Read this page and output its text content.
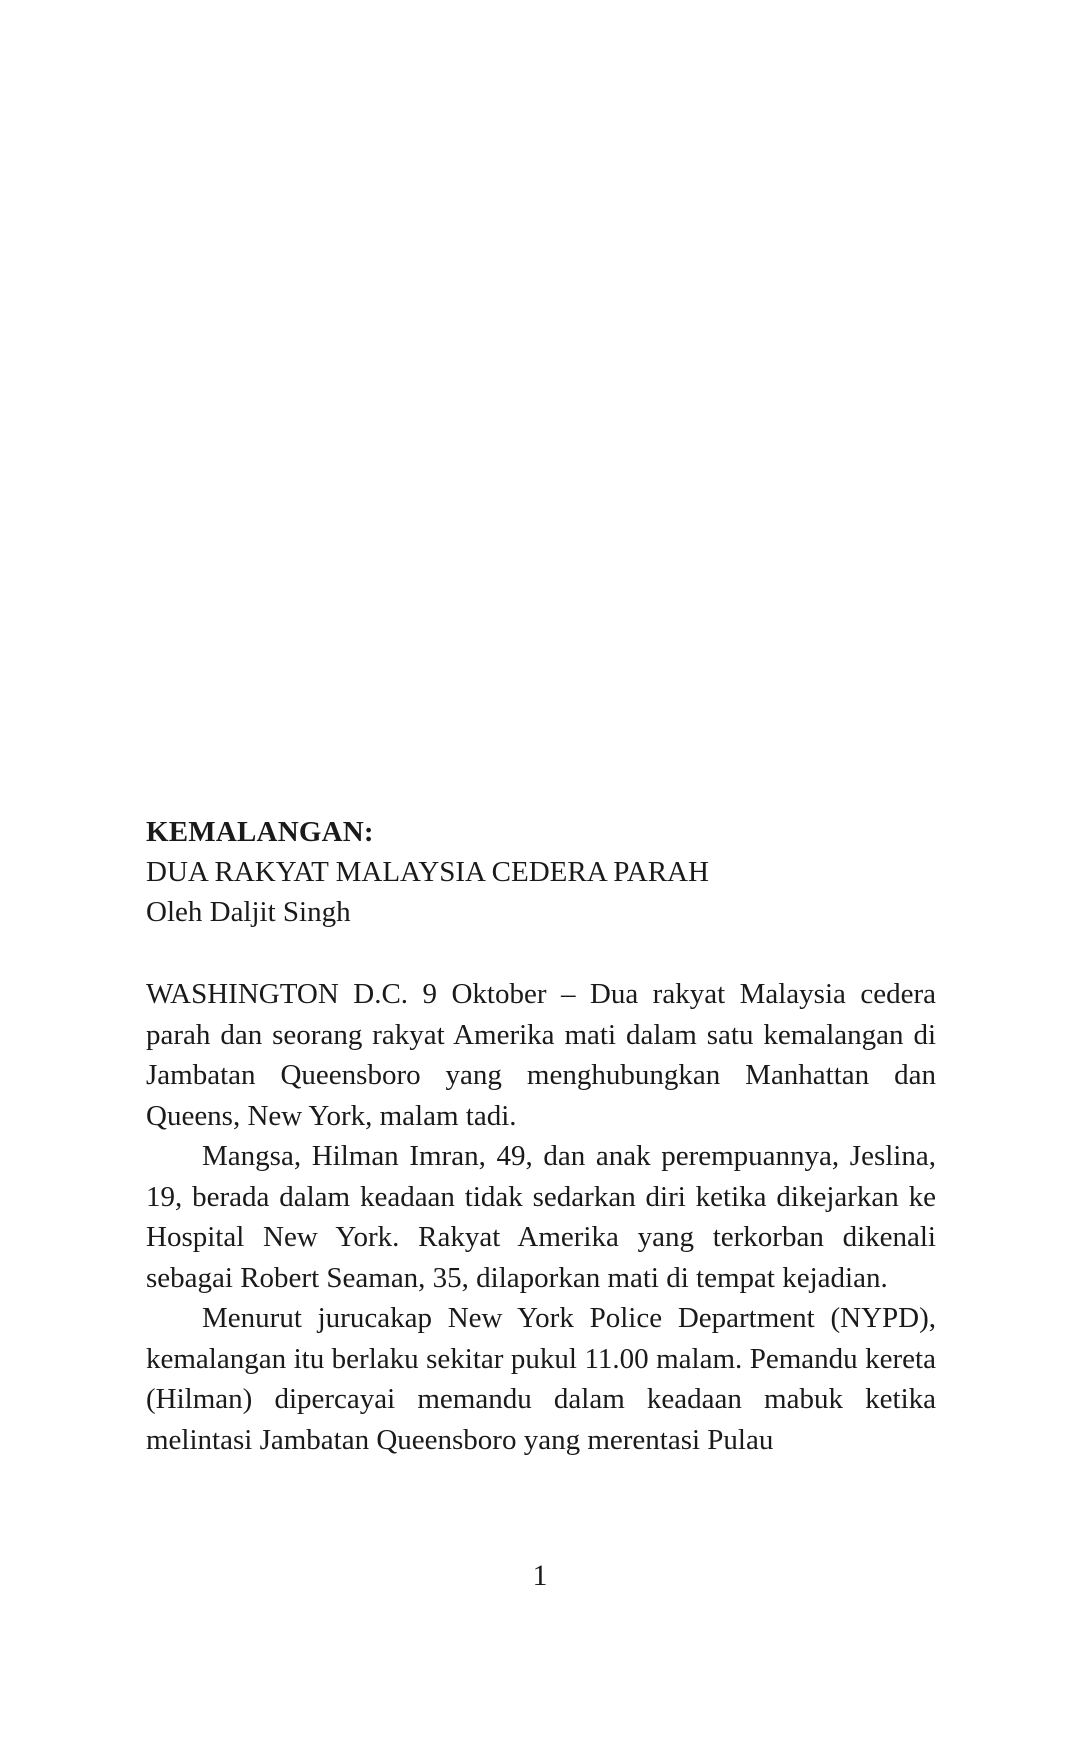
KEMALANGAN:

DUA RAKYAT MALAYSIA CEDERA PARAH

Oleh Daljit Singh

WASHINGTON D.C. 9 Oktober – Dua rakyat Malaysia cedera parah dan seorang rakyat Amerika mati dalam satu kemalangan di Jambatan Queensboro yang menghubungkan Manhattan dan Queens, New York, malam tadi.

Mangsa, Hilman Imran, 49, dan anak perempuannya, Jeslina, 19, berada dalam keadaan tidak sedarkan diri ketika dikejarkan ke Hospital New York. Rakyat Amerika yang terkorban dikenali sebagai Robert Seaman, 35, dilaporkan mati di tempat kejadian.

Menurut jurucakap New York Police Department (NYPD), kemalangan itu berlaku sekitar pukul 11.00 malam. Pemandu kereta (Hilman) dipercayai memandu dalam keadaan mabuk ketika melintasi Jambatan Queensboro yang merentasi Pulau

1
